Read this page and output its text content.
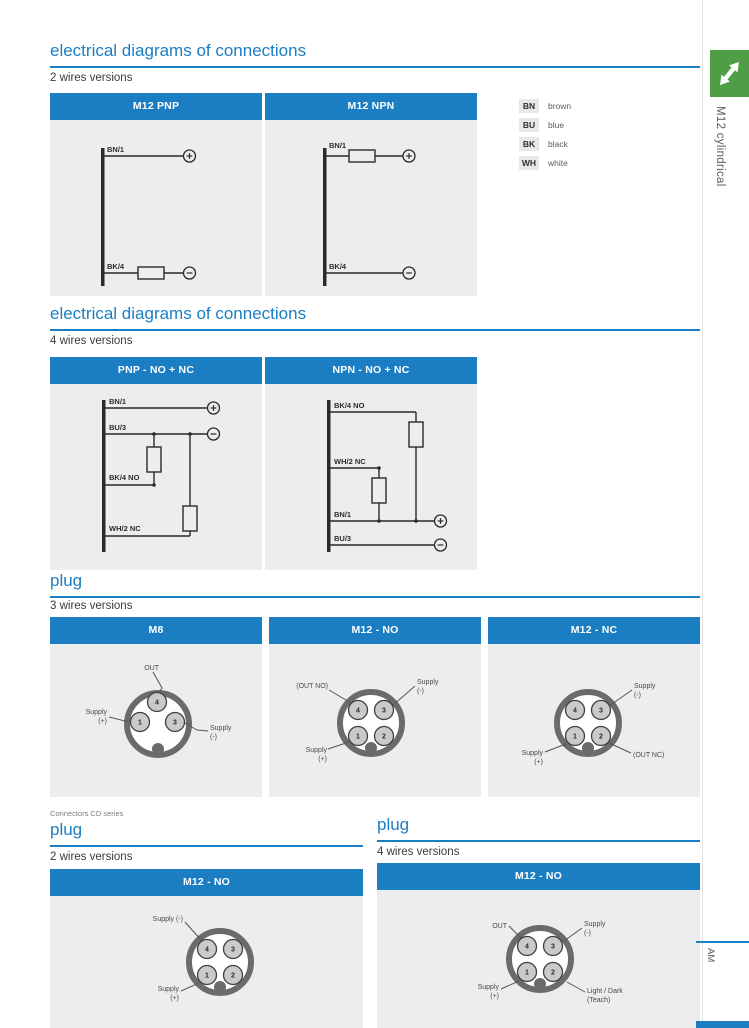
electrical diagrams of connections
2 wires versions
M12 PNP
BN/1
BK/4
M12 NPN
BN/1
BK/4
BN	brown
BU	blue
BK	black
WH	white	M12 cylindrical
electrical diagrams of connections
4 wires versions
PNP - NO + NC
BN/1
BU/3
BK/4 NO
WH/2 NC
NPN - NO + NC
BK/4 NO
WH/2 NC
BN/1
BU/3
plug
3 wires versions
M8
4
1	3
OUT
Supply
(+)
Supply
(-)
M12 - NO
4	3
1	2
(OUT NO)
Supply
(-)
Supply
(+)
M12 - NC
4	3
1	2
Supply
(-)
Supply
(+)
(OUT NC)
Connectors CD series
plug
2 wires versions
M12 - NO
4	3
1	2
Supply (-)
Supply
(+)
plug
4 wires versions
M12 - NO
4	3
1	2
OUT	Supply
(-)
Supply
(+)
Light / Dark
(Teach)
AM
